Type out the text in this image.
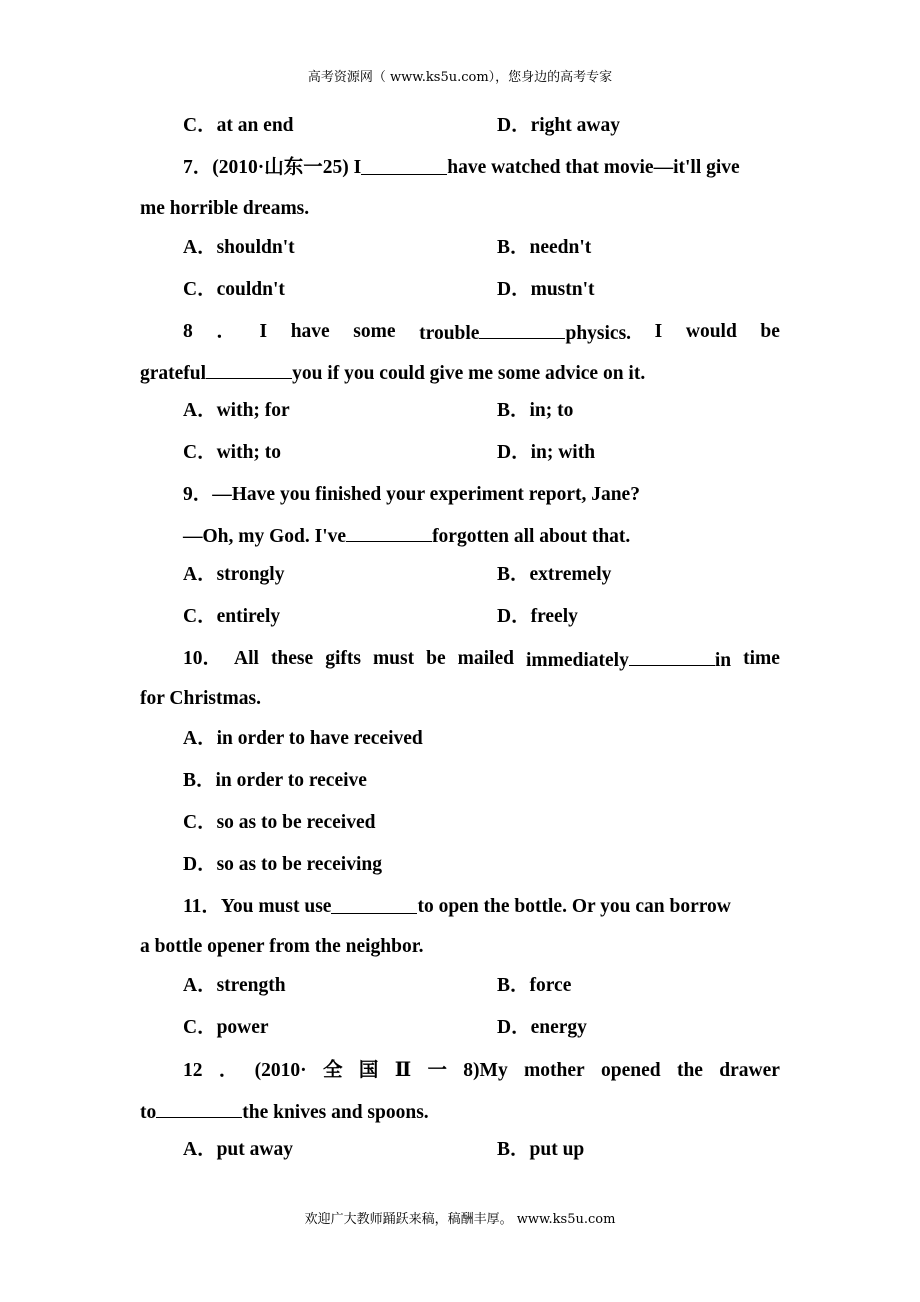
高考资源网（ www.ks5u.com），您身边的高考专家
C．at an end	D．right away
7．(2010·山东一25) I	have watched that movie—it'll give
me horrible dreams.
A．shouldn't	B．needn't
C．couldn't	D．mustn't
8 ． I have some trouble	physics. I would be
grateful	you if you could give me some advice on it.
A．with; for	B．in; to
C．with; to	D．in; with
9．—Have you finished your experiment report, Jane?
—Oh, my God. I've	forgotten all about that.
A．strongly	B．extremely
C．entirely	D．freely
10． All these gifts must be mailed immediately	in time
for Christmas.
A．in order to have received
B．in order to receive
C．so as to be received
D．so as to be receiving
11．You must use	to open the bottle. Or you can borrow
a bottle opener from the neighbor.
A．strength	B．force
C．power	D．energy
12 ． (2010· 全 国 Ⅱ 一 8)My mother opened the drawer
to	the knives and spoons.
A．put away	B．put up
欢迎广大教师踊跃来稿，稿酬丰厚。 www.ks5u.com
